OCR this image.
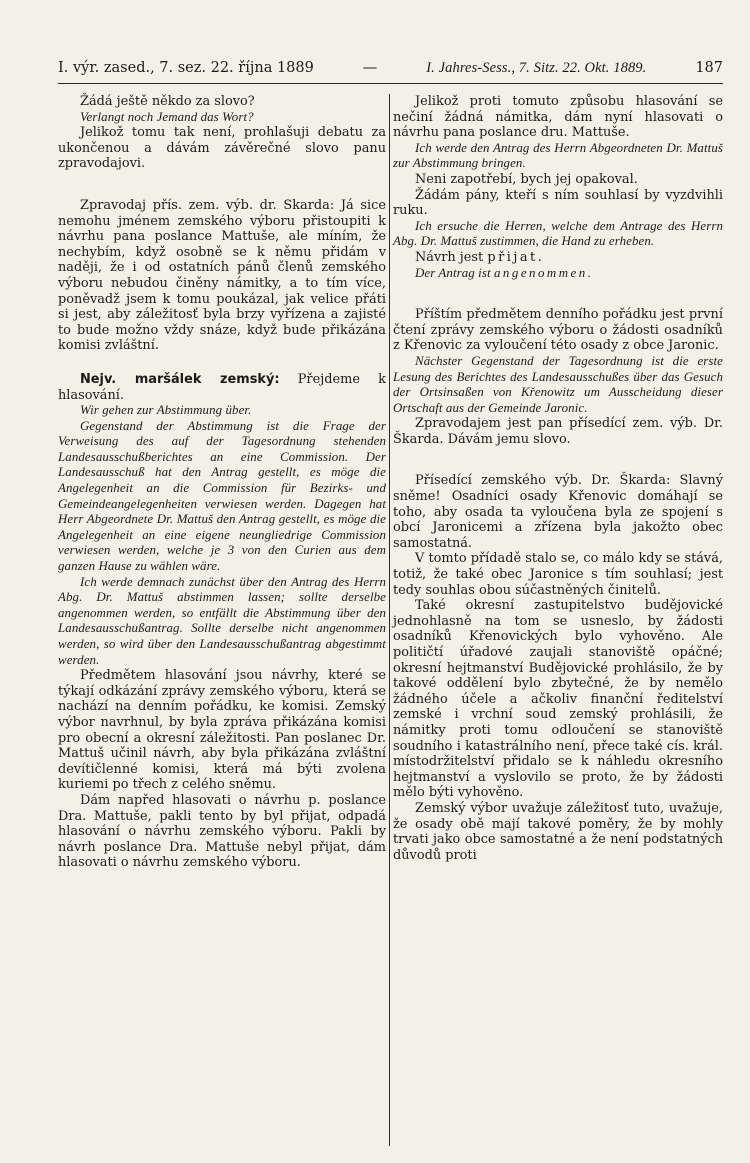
I. výr. zased., 7. sez. 22. října 1889	—	I. Jahres-Sess., 7. Sitz. 22. Okt. 1889.	187

Žádá ještě někdo za slovo?

Verlangt noch Jemand das Wort?

Jelikož tomu tak není, prohlašuji debatu za ukončenou a dávám závěrečné slovo panu zpravodajovi.

Zpravodaj přís. zem. výb. dr. Skarda: Já sice nemohu jménem zemského výboru přistoupiti k návrhu pana poslance Mattuše, ale míním, že nechybím, když osobně se k němu přidám v naději, že i od ostatních pánů členů zemského výboru nebudou činěny námitky, a to tím více, poněvadž jsem k tomu poukázal, jak velice přáti si jest, aby záležitosť byla brzy vyřízena a zajisté to bude možno vždy snáze, když bude přikázána komisi zvláštní.

Nejv. maršálek zemský: Přejdeme k hlasování.

Wir gehen zur Abstimmung über.

Gegenstand der Abstimmung ist die Frage der Verweisung des auf der Tagesordnung stehenden Landesausschußberichtes an eine Commission. Der Landesausschuß hat den Antrag gestellt, es möge die Angelegenheit an die Commission für Bezirks- und Gemeindeangelegenheiten verwiesen werden. Dagegen hat Herr Abgeordnete Dr. Mattuš den Antrag gestellt, es möge die Angelegenheit an eine eigene neungliedrige Commission verwiesen werden, welche je 3 von den Curien aus dem ganzen Hause zu wählen wäre.

Ich werde demnach zunächst über den Antrag des Herrn Abg. Dr. Mattuš abstimmen lassen; sollte derselbe angenommen werden, so entfällt die Abstimmung über den Landesausschußantrag. Sollte derselbe nicht angenommen werden, so wird über den Landesausschußantrag abgestimmt werden.

Předmětem hlasování jsou návrhy, které se týkají odkázání zprávy zemského výboru, která se nachází na denním pořádku, ke komisi. Zemský výbor navrhnul, by byla zpráva přikázána komisi pro obecní a okresní záležitosti. Pan poslanec Dr. Mattuš učinil návrh, aby byla přikázána zvláštní devítičlenné komisi, která má býti zvolena kuriemi po třech z celého sněmu.

Dám napřed hlasovati o návrhu p. poslance Dra. Mattuše, pakli tento by byl přijat, odpadá hlasování o návrhu zemského výboru. Pakli by návrh poslance Dra. Mattuše nebyl přijat, dám hlasovati o návrhu zemského výboru.

Jelikož proti tomuto způsobu hlasování se nečiní žádná námitka, dám nyní hlasovati o návrhu pana poslance dru. Mattuše.

Ich werde den Antrag des Herrn Abgeordneten Dr. Mattuš zur Abstimmung bringen.

Neni zapotřebí, bych jej opakoval.

Žádám pány, kteří s ním souhlasí by vyzdvihli ruku.

Ich ersuche die Herren, welche dem Antrage des Herrn Abg. Dr. Mattuš zustimmen, die Hand zu erheben.

Návrh jest přijat.

Der Antrag ist angenommen.

Příštím předmětem denního pořádku jest první čtení zprávy zemského výboru o žádosti osadníků z Křenovic za vyloučení této osady z obce Jaronic.

Nächster Gegenstand der Tagesordnung ist die erste Lesung des Berichtes des Landesausschußes über das Gesuch der Ortsinsaßen von Křenowitz um Ausscheidung dieser Ortschaft aus der Gemeinde Jaronic.

Zpravodajem jest pan přísedící zem. výb. Dr. Škarda. Dávám jemu slovo.

Přísedící zemského výb. Dr. Škarda: Slavný sněme! Osadníci osady Křenovic domáhají se toho, aby osada ta vyloučena byla ze spojení s obcí Jaronicemi a zřízena byla jakožto obec samostatná.

V tomto přídadě stalo se, co málo kdy se stává, totiž, že také obec Jaronice s tím souhlasí; jest tedy souhlas obou súčastněných činitelů.

Také okresní zastupitelstvo budějovické jednohlasně na tom se usneslo, by žádosti osadníků Křenovických bylo vyhověno. Ale političtí úřadové zaujali stanoviště opáčné; okresní hejtmanství Budějovické prohlásilo, že by takové oddělení bylo zbytečné, že by nemělo žádného účele a ačkoliv finanční ředitelství zemské i vrchní soud zemský prohlásili, že námitky proti tomu odloučení se stanoviště soudního i katastrálního není, přece také cís. král. místodržitelství přidalo se k náhledu okresního hejtmanství a vyslovilo se proto, že by žádosti mělo býti vyhověno.

Zemský výbor uvažuje záležitosť tuto, uvažuje, že osady obě mají takové poměry, že by mohly trvati jako obce samostatné a že není podstatných důvodů proti
